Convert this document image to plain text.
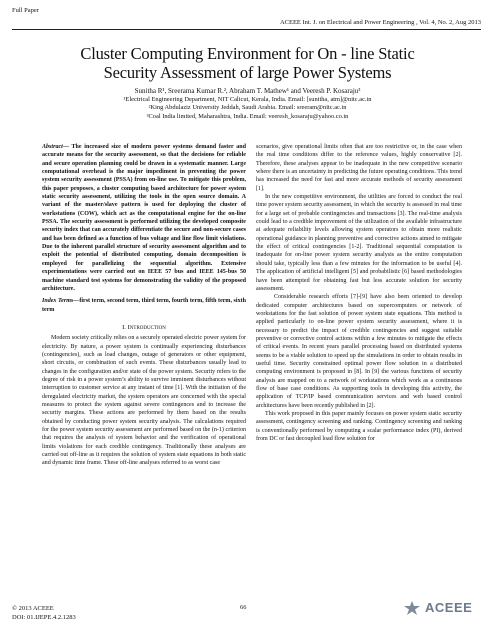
Full Paper
ACEEE Int. J. on Electrical and Power Engineering , Vol. 4, No. 2, Aug 2013
Cluster Computing Environment for On - line Static
Security Assessment of large Power Systems
Sunitha R¹, Sreerama Kumar R.², Abraham T. Mathew¹ and Veeresh P. Kosaraju³
¹Electrical Engineering Department, NIT Calicut, Kerala, India. Email: [sunitha, atm]@nitc.ac.in
²King Abdulaziz University Jeddah, Saudi Arabia. Email: sreeram@nitc.ac.in
³Coal India limited, Maharashtra, India. Email: veeresh_kosaraju@yahoo.co.in

Abstract— The increased size of modern power systems demand faster and accurate means for the security assessment, so that the decisions for reliable and secure operation planning could be drawn in a systematic manner. Large computational overhead is the major impediment in preventing the power system security assessment (PSSA) from on-line use. To mitigate this problem, this paper proposes, a cluster computing based architecture for power system static security assessment, utilizing the tools in the open source domain. A variant of the master/slave pattern is used for deploying the cluster of workstations (COW), which act as the computational engine for the on-line PSSA. The security assessment is performed utilizing the developed composite security index that can accurately differentiate the secure and non-secure cases and has been defined as a function of bus voltage and line flow limit violations. Due to the inherent parallel structure of security assessment algorithm and to exploit the potential of distributed computing, domain decomposition is employed for parallelizing the sequential algorithm. Extensive experimentations were carried out on IEEE 57 bus and IEEE 145-bus 50 machine standard test systems for demonstrating the validity of the proposed architecture.

Index Terms—first term, second term, third term, fourth term, fifth term, sixth term

I. Introduction

Modern society critically relies on a securely operated electric power system for electricity. By nature, a power system is continually experiencing disturbances (contingencies), such as load changes, outage of generators or other equipment, short circuits, or combination of such events. These disturbances usually lead to changes in the configuration and/or state of the power system. Security refers to the degree of risk in a power system’s ability to survive imminent disturbances without interruption to customer service at any instant of time [1]. With the initiation of the deregulated electricity market, the system operators are concerned with the special measures to protect the system against severe contingences and to increase the security margins. These actions are performed by them based on the results obtained by conducting power system security analysis. The calculations required for the power system security assessment are performed based on the (n-1) criterion that requires the analysis of system behavior and the verification of operational limits violations for each credible contingency. Traditionally these analyses are carried out off-line as it requires the solution of system state equations in both static and dynamic time frame. These off-line analyses referred to as worst case

scenarios, give operational limits often that are too restrictive or, in the case when the real time conditions differ to the reference values, highly conservative [2]. Therefore, these analyses appear to be inadequate in the new competitive scenario where there is an uncertainty in predicting the future operating conditions. This trend has increased the need for fast and more accurate methods of security assessment [1].

In the new competitive environment, the utilities are forced to conduct the real time power system security assessment, in which the security is assessed in real time for a large set of probable contingencies and transactions [3]. The real-time analysis could lead to a credible improvement of the utilization of the available infrastructure at adequate reliability levels allowing system operators to obtain more realistic operational guidance in planning preventive and corrective actions aimed to mitigate the effect of critical contingencies [1-2]. Traditional sequential computation is inadequate for on-line power system security analysis as the entire computation should take, typically less than a few minutes for the information to be useful [4]. The application of artificial intelligent [5] and probabilistic [6] based methodologies have been attempted for obtaining fast but less accurate solution for security assessment.

Considerable research efforts [7]-[9] have also been oriented to develop dedicated computer architectures based on supercomputers or network of workstations for the fast solution of power system state equations. This method is applied particularly to on-line power system security assessment, where it is necessary to predict the impact of credible contingencies and suggest suitable preventive or corrective control actions within a few minutes to mitigate the effects of critical events. In recent years parallel processing based on distributed systems seems to be a viable solution to speed up the simulations in order to obtain results in useful time. Security constrained optimal power flow solution in a distributed computing environment is proposed in [8]. In [9] the various functions of security analysis are mapped on to a network of workstations which work as a continuous flow of base case conditions. As supporting tools in developing this activity, the application of TCP/IP based communication services and web based control architectures have been recently published in [2].

This work proposed in this paper mainly focuses on power system static security assessment, contingency screening and ranking. Contingency screening and ranking is conventionally performed by computing a scalar performance index (PI), derived from DC or fast decoupled load flow solution for

© 2013 ACEEE
DOI: 01.IJEPE.4.2.1283
66	ACEEE
